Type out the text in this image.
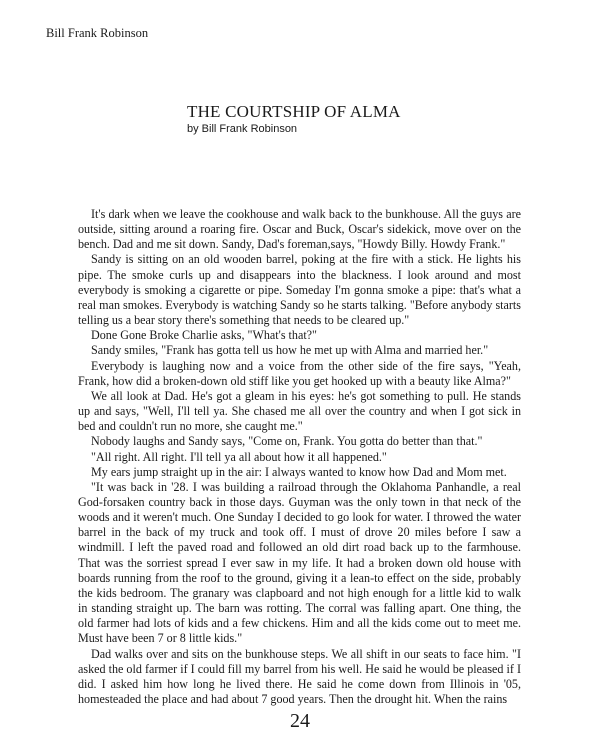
Bill Frank Robinson
THE COURTSHIP OF ALMA
by Bill Frank Robinson

It's dark when we leave the cookhouse and walk back to the bunkhouse. All the guys are outside, sitting around a roaring fire. Oscar and Buck, Oscar's sidekick, move over on the bench. Dad and me sit down. Sandy, Dad's foreman,says, "Howdy Billy. Howdy Frank."

Sandy is sitting on an old wooden barrel, poking at the fire with a stick. He lights his pipe. The smoke curls up and disappears into the blackness. I look around and most everybody is smoking a cigarette or pipe. Someday I'm gonna smoke a pipe: that's what a real man smokes. Everybody is watching Sandy so he starts talking. "Before anybody starts telling us a bear story there's something that needs to be cleared up."

Done Gone Broke Charlie asks, "What's that?"

Sandy smiles, "Frank has gotta tell us how he met up with Alma and married her."

Everybody is laughing now and a voice from the other side of the fire says, "Yeah, Frank, how did a broken-down old stiff like you get hooked up with a beauty like Alma?"

We all look at Dad. He's got a gleam in his eyes: he's got something to pull. He stands up and says, "Well, I'll tell ya. She chased me all over the country and when I got sick in bed and couldn't run no more, she caught me."

Nobody laughs and Sandy says, "Come on, Frank. You gotta do better than that."

"All right. All right. I'll tell ya all about how it all happened."

My ears jump straight up in the air: I always wanted to know how Dad and Mom met.

"It was back in '28. I was building a railroad through the Oklahoma Panhandle, a real God-forsaken country back in those days. Guyman was the only town in that neck of the woods and it weren't much. One Sunday I decided to go look for water. I throwed the water barrel in the back of my truck and took off. I must of drove 20 miles before I saw a windmill. I left the paved road and followed an old dirt road back up to the farmhouse. That was the sorriest spread I ever saw in my life. It had a broken down old house with boards running from the roof to the ground, giving it a lean-to effect on the side, probably the kids bedroom. The granary was clapboard and not high enough for a little kid to walk in standing straight up. The barn was rotting. The corral was falling apart. One thing, the old farmer had lots of kids and a few chickens. Him and all the kids come out to meet me. Must have been 7 or 8 little kids."

Dad walks over and sits on the bunkhouse steps. We all shift in our seats to face him. "I asked the old farmer if I could fill my barrel from his well. He said he would be pleased if I did. I asked him how long he lived there. He said he come down from Illinois in '05, homesteaded the place and had about 7 good years. Then the drought hit. When the rains

24
